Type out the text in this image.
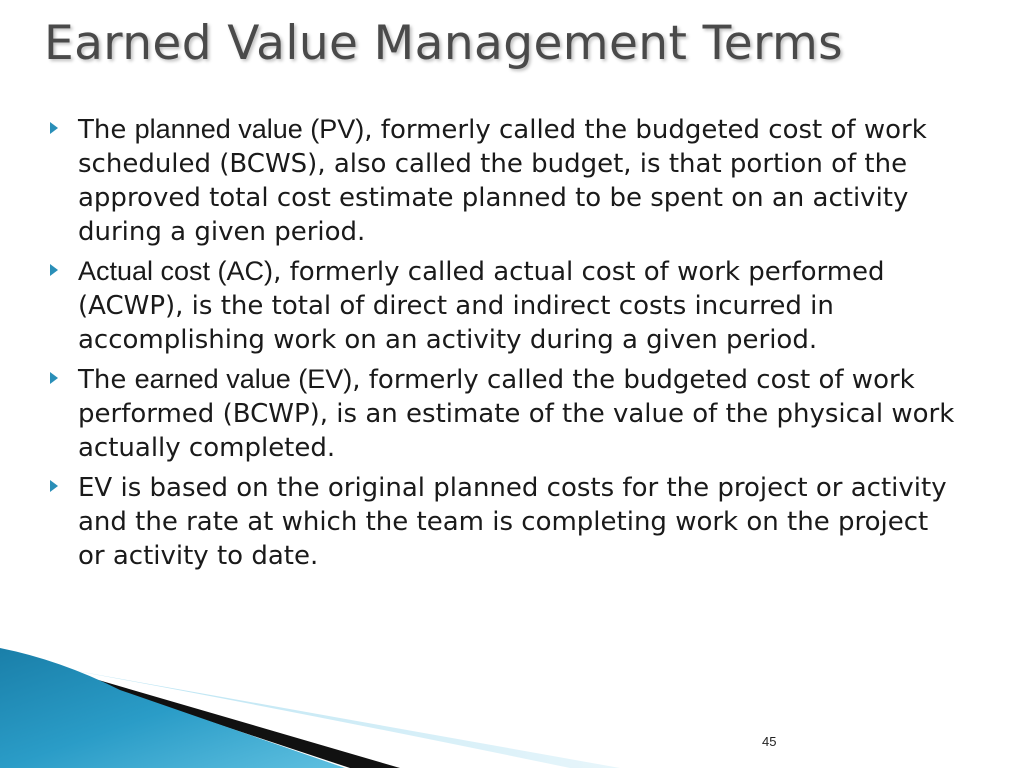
Earned Value Management Terms
The planned value (PV), formerly called the budgeted cost of work scheduled (BCWS), also called the budget, is that portion of the approved total cost estimate planned to be spent on an activity during a given period.
Actual cost (AC), formerly called actual cost of work performed (ACWP), is the total of direct and indirect costs incurred in accomplishing work on an activity during a given period.
The earned value (EV), formerly called the budgeted cost of work performed (BCWP), is an estimate of the value of the physical work actually completed.
EV is based on the original planned costs for the project or activity and the rate at which the team is completing work on the project or activity to date.
45
